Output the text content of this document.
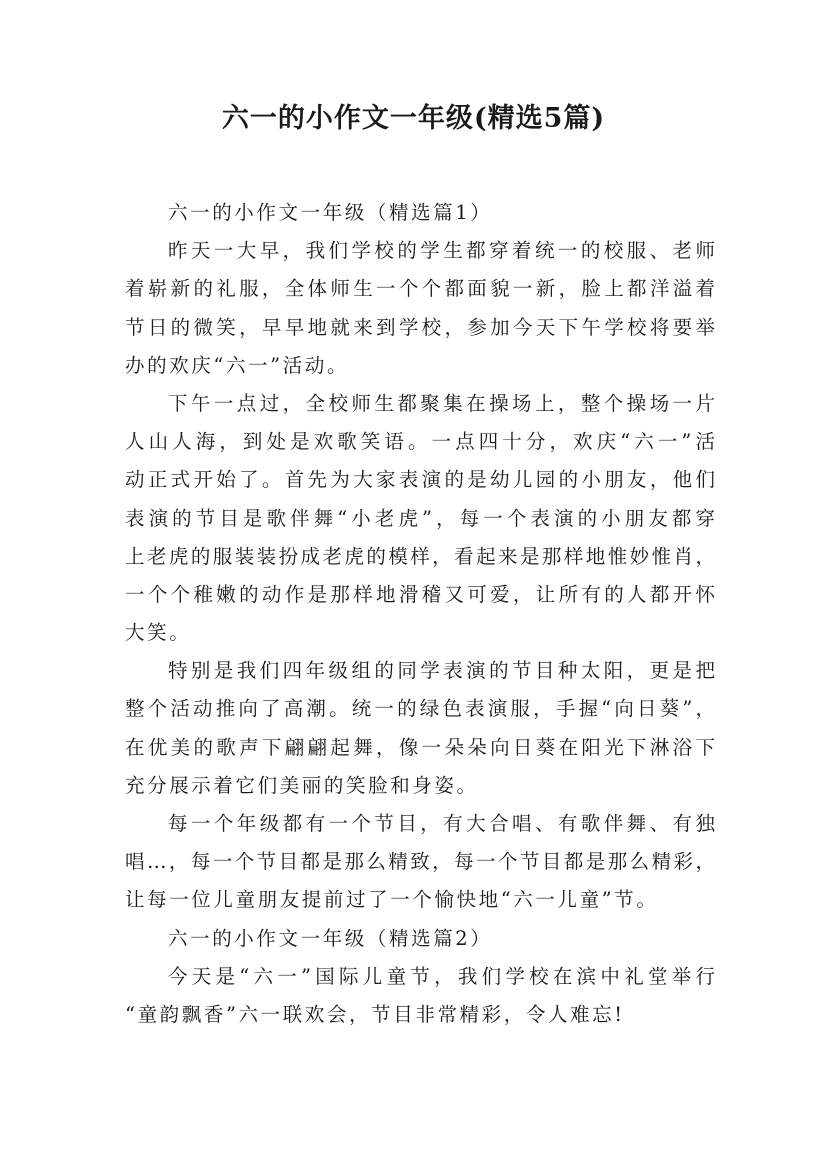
六一的小作文一年级(精选5篇)
六一的小作文一年级（精选篇1）
昨天一大早，我们学校的学生都穿着统一的校服、老师
着崭新的礼服，全体师生一个个都面貌一新，脸上都洋溢着
节日的微笑，早早地就来到学校，参加今天下午学校将要举
办的欢庆“六一”活动。
下午一点过，全校师生都聚集在操场上，整个操场一片
人山人海，到处是欢歌笑语。一点四十分，欢庆“六一”活
动正式开始了。首先为大家表演的是幼儿园的小朋友，他们
表演的节目是歌伴舞“小老虎”，每一个表演的小朋友都穿
上老虎的服装装扮成老虎的模样，看起来是那样地惟妙惟肖，
一个个稚嫩的动作是那样地滑稽又可爱，让所有的人都开怀
大笑。
特别是我们四年级组的同学表演的节目种太阳，更是把
整个活动推向了高潮。统一的绿色表演服，手握“向日葵”，
在优美的歌声下翩翩起舞，像一朵朵向日葵在阳光下淋浴下
充分展示着它们美丽的笑脸和身姿。
每一个年级都有一个节目，有大合唱、有歌伴舞、有独
唱…，每一个节目都是那么精致，每一个节目都是那么精彩，
让每一位儿童朋友提前过了一个愉快地“六一儿童”节。
六一的小作文一年级（精选篇2）
今天是“六一”国际儿童节，我们学校在滨中礼堂举行
“童韵飘香”六一联欢会，节目非常精彩，令人难忘!
